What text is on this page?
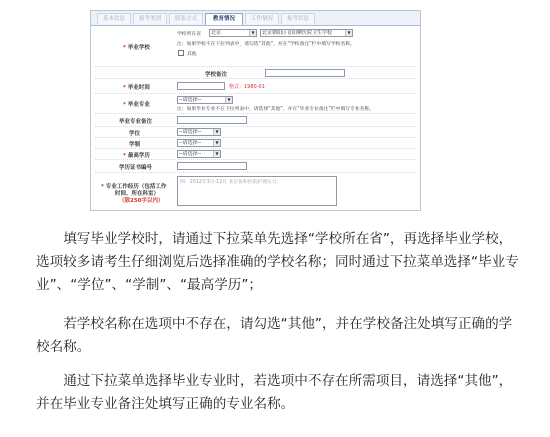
基本信息	报考类别	联系方式	教育情况	工作情况	报考信息
* 毕业学校
学校所在省	北京	▼	北京朝阳区首阳柳医院卫生学校	▼
注：如果学校不在下拉列表中，请勾选“其他”，并在“学校备注”栏中填写学校名称。
其他
学校备注
* 毕业时间	格式：1980-01
* 毕业专业
--请选择--	▼
注：如果毕业专业不在下拉列表中，请选择“其他”，并在“毕业专业备注”栏中填写专业名称。
毕业专业备注
学位	--请选择--	▼
学制	--请选择--	▼
* 最高学历	--请选择--	▼
学历证书编号
* 专业工作经历（包括工作
时间、所在科室）
（限250字以内）
例：2012年3月-12月 北京协和医院护理实习；

填写毕业学校时，请通过下拉菜单先选择“学校所在省”，再选择毕业学校，选项较多请考生仔细浏览后选择准确的学校名称；同时通过下拉菜单选择“毕业专业”、“学位”、“学制”、“最高学历”；

若学校名称在选项中不存在，请勾选“其他”，并在学校备注处填写正确的学校名称。

通过下拉菜单选择毕业专业时，若选项中不存在所需项目，请选择“其他”，并在毕业专业备注处填写正确的专业名称。
